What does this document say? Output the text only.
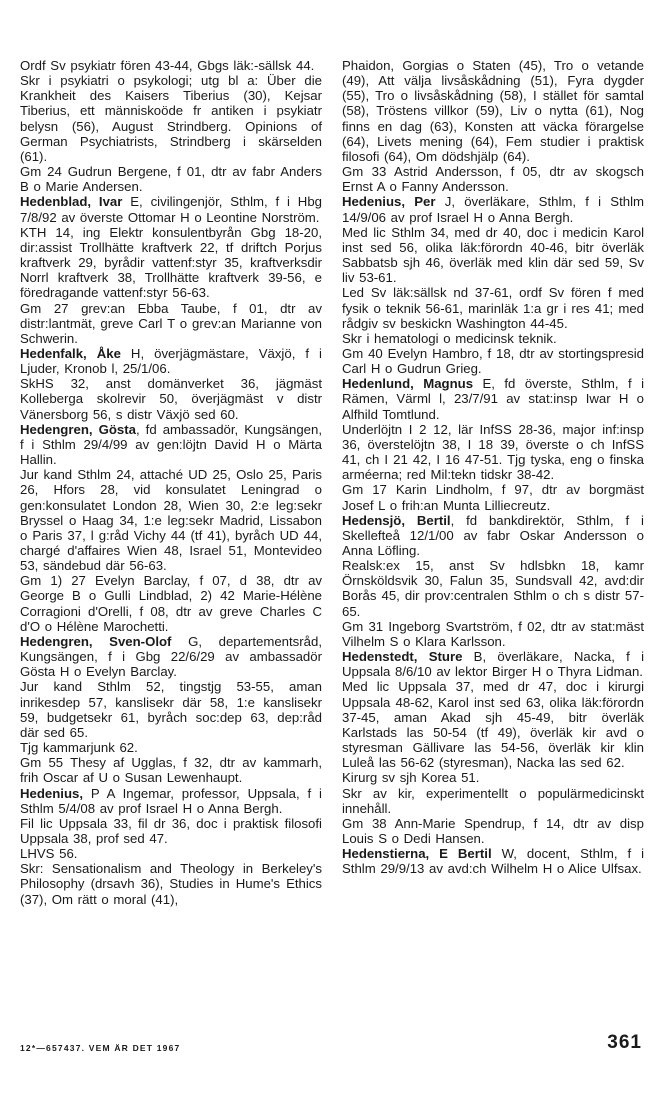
Ordf Sv psykiatr fören 43-44, Gbgs läk:-sällsk 44.

Skr i psykiatri o psykologi; utg bl a: Über die Krankheit des Kaisers Tiberius (30), Kejsar Tiberius, ett människoöde fr antiken i psykiatr belysn (56), August Strindberg. Opinions of German Psychiatrists, Strindberg i skärselden (61).

Gm 24 Gudrun Bergene, f 01, dtr av fabr Anders B o Marie Andersen.

Hedenblad, Ivar E, civilingenjör, Sthlm, f i Hbg 7/8/92 av överste Ottomar H o Leontine Norström.

KTH 14, ing Elektr konsulentbyrån Gbg 18-20, dir:assist Trollhätte kraftverk 22, tf driftch Porjus kraftverk 29, byrådir vattenf:styr 35, kraftverksdir Norrl kraftverk 38, Trollhätte kraftverk 39-56, e föredragande vattenf:styr 56-63.

Gm 27 grev:an Ebba Taube, f 01, dtr av distr:lantmät, greve Carl T o grev:an Marianne von Schwerin.

Hedenfalk, Åke H, överjägmästare, Växjö, f i Ljuder, Kronob l, 25/1/06.

SkHS 32, anst domänverket 36, jägmäst Kolleberga skolrevir 50, överjägmäst v distr Vänersborg 56, s distr Växjö sed 60.

Hedengren, Gösta, fd ambassadör, Kungsängen, f i Sthlm 29/4/99 av gen:löjtn David H o Märta Hallin.

Jur kand Sthlm 24, attaché UD 25, Oslo 25, Paris 26, Hfors 28, vid konsulatet Leningrad o gen:konsulatet London 28, Wien 30, 2:e leg:sekr Bryssel o Haag 34, 1:e leg:sekr Madrid, Lissabon o Paris 37, l g:råd Vichy 44 (tf 41), byråch UD 44, chargé d'affaires Wien 48, Israel 51, Montevideo 53, sändebud där 56-63.

Gm 1) 27 Evelyn Barclay, f 07, d 38, dtr av George B o Gulli Lindblad, 2) 42 Marie-Hélène Corragioni d'Orelli, f 08, dtr av greve Charles C d'O o Hélène Marochetti.

Hedengren, Sven-Olof G, departementsråd, Kungsängen, f i Gbg 22/6/29 av ambassadör Gösta H o Evelyn Barclay.

Jur kand Sthlm 52, tingstjg 53-55, aman inrikesdep 57, kanslisekr där 58, 1:e kanslisekr 59, budgetsekr 61, byråch soc:dep 63, dep:råd där sed 65.

Tjg kammarjunk 62.

Gm 55 Thesy af Ugglas, f 32, dtr av kammarh, frih Oscar af U o Susan Lewenhaupt.

Hedenius, P A Ingemar, professor, Uppsala, f i Sthlm 5/4/08 av prof Israel H o Anna Bergh.

Fil lic Uppsala 33, fil dr 36, doc i praktisk filosofi Uppsala 38, prof sed 47.

LHVS 56.

Skr: Sensationalism and Theology in Berkeley's Philosophy (drsavh 36), Studies in Hume's Ethics (37), Om rätt o moral (41),

Phaidon, Gorgias o Staten (45), Tro o vetande (49), Att välja livsåskådning (51), Fyra dygder (55), Tro o livsåskådning (58), I stället för samtal (58), Tröstens villkor (59), Liv o nytta (61), Nog finns en dag (63), Konsten att väcka förargelse (64), Livets mening (64), Fem studier i praktisk filosofi (64), Om dödshjälp (64).

Gm 33 Astrid Andersson, f 05, dtr av skogsch Ernst A o Fanny Andersson.

Hedenius, Per J, överläkare, Sthlm, f i Sthlm 14/9/06 av prof Israel H o Anna Bergh.

Med lic Sthlm 34, med dr 40, doc i medicin Karol inst sed 56, olika läk:förordn 40-46, bitr överläk Sabbatsb sjh 46, överläk med klin där sed 59, Sv liv 53-61.

Led Sv läk:sällsk nd 37-61, ordf Sv fören f med fysik o teknik 56-61, marinläk 1:a gr i res 41; med rådgiv sv beskickn Washington 44-45.

Skr i hematologi o medicinsk teknik.

Gm 40 Evelyn Hambro, f 18, dtr av stortingspresid Carl H o Gudrun Grieg.

Hedenlund, Magnus E, fd överste, Sthlm, f i Rämen, Värml l, 23/7/91 av stat:insp Iwar H o Alfhild Tomtlund.

Underlöjtn I 2 12, lär InfSS 28-36, major inf:insp 36, överstelöjtn 38, I 18 39, överste o ch InfSS 41, ch I 21 42, I 16 47-51. Tjg tyska, eng o finska arméerna; red Mil:tekn tidskr 38-42.

Gm 17 Karin Lindholm, f 97, dtr av borgmäst Josef L o frih:an Munta Lilliecreutz.

Hedensjö, Bertil, fd bankdirektör, Sthlm, f i Skellefteå 12/1/00 av fabr Oskar Andersson o Anna Löfling.

Realsk:ex 15, anst Sv hdlsbkn 18, kamr Örnsköldsvik 30, Falun 35, Sundsvall 42, avd:dir Borås 45, dir prov:centralen Sthlm o ch s distr 57-65.

Gm 31 Ingeborg Svartström, f 02, dtr av stat:mäst Vilhelm S o Klara Karlsson.

Hedenstedt, Sture B, överläkare, Nacka, f i Uppsala 8/6/10 av lektor Birger H o Thyra Lidman.

Med lic Uppsala 37, med dr 47, doc i kirurgi Uppsala 48-62, Karol inst sed 63, olika läk:förordn 37-45, aman Akad sjh 45-49, bitr överläk Karlstads las 50-54 (tf 49), överläk kir avd o styresman Gällivare las 54-56, överläk kir klin Luleå las 56-62 (styresman), Nacka las sed 62.

Kirurg sv sjh Korea 51.

Skr av kir, experimentellt o populärmedicinskt innehåll.

Gm 38 Ann-Marie Spendrup, f 14, dtr av disp Louis S o Dedi Hansen.

Hedenstierna, E Bertil W, docent, Sthlm, f i Sthlm 29/9/13 av avd:ch Wilhelm H o Alice Ulfsax.

12*—657437. VEM ÄR DET 1967	361
